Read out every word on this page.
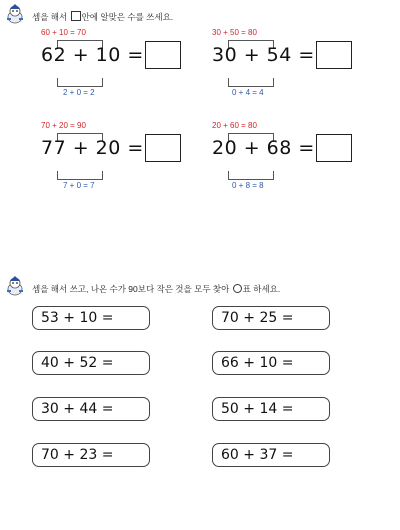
셈을 해서 안에 알맞은 수를 쓰세요.
60 + 10 = 70
62 + 10 =
2 + 0 = 2
30 + 50 = 80
30 + 54 =
0 + 4 = 4
70 + 20 = 90
77 + 20 =
7 + 0 = 7
20 + 60 = 80
20 + 68 =
0 + 8 = 8
셈을 해서 쓰고, 나온 수가 90보다 작은 것을 모두 찾아 표 하세요.
53 + 10 =	70 + 25 =
40 + 52 =	66 + 10 =
30 + 44 =	50 + 14 =
70 + 23 =	60 + 37 =
